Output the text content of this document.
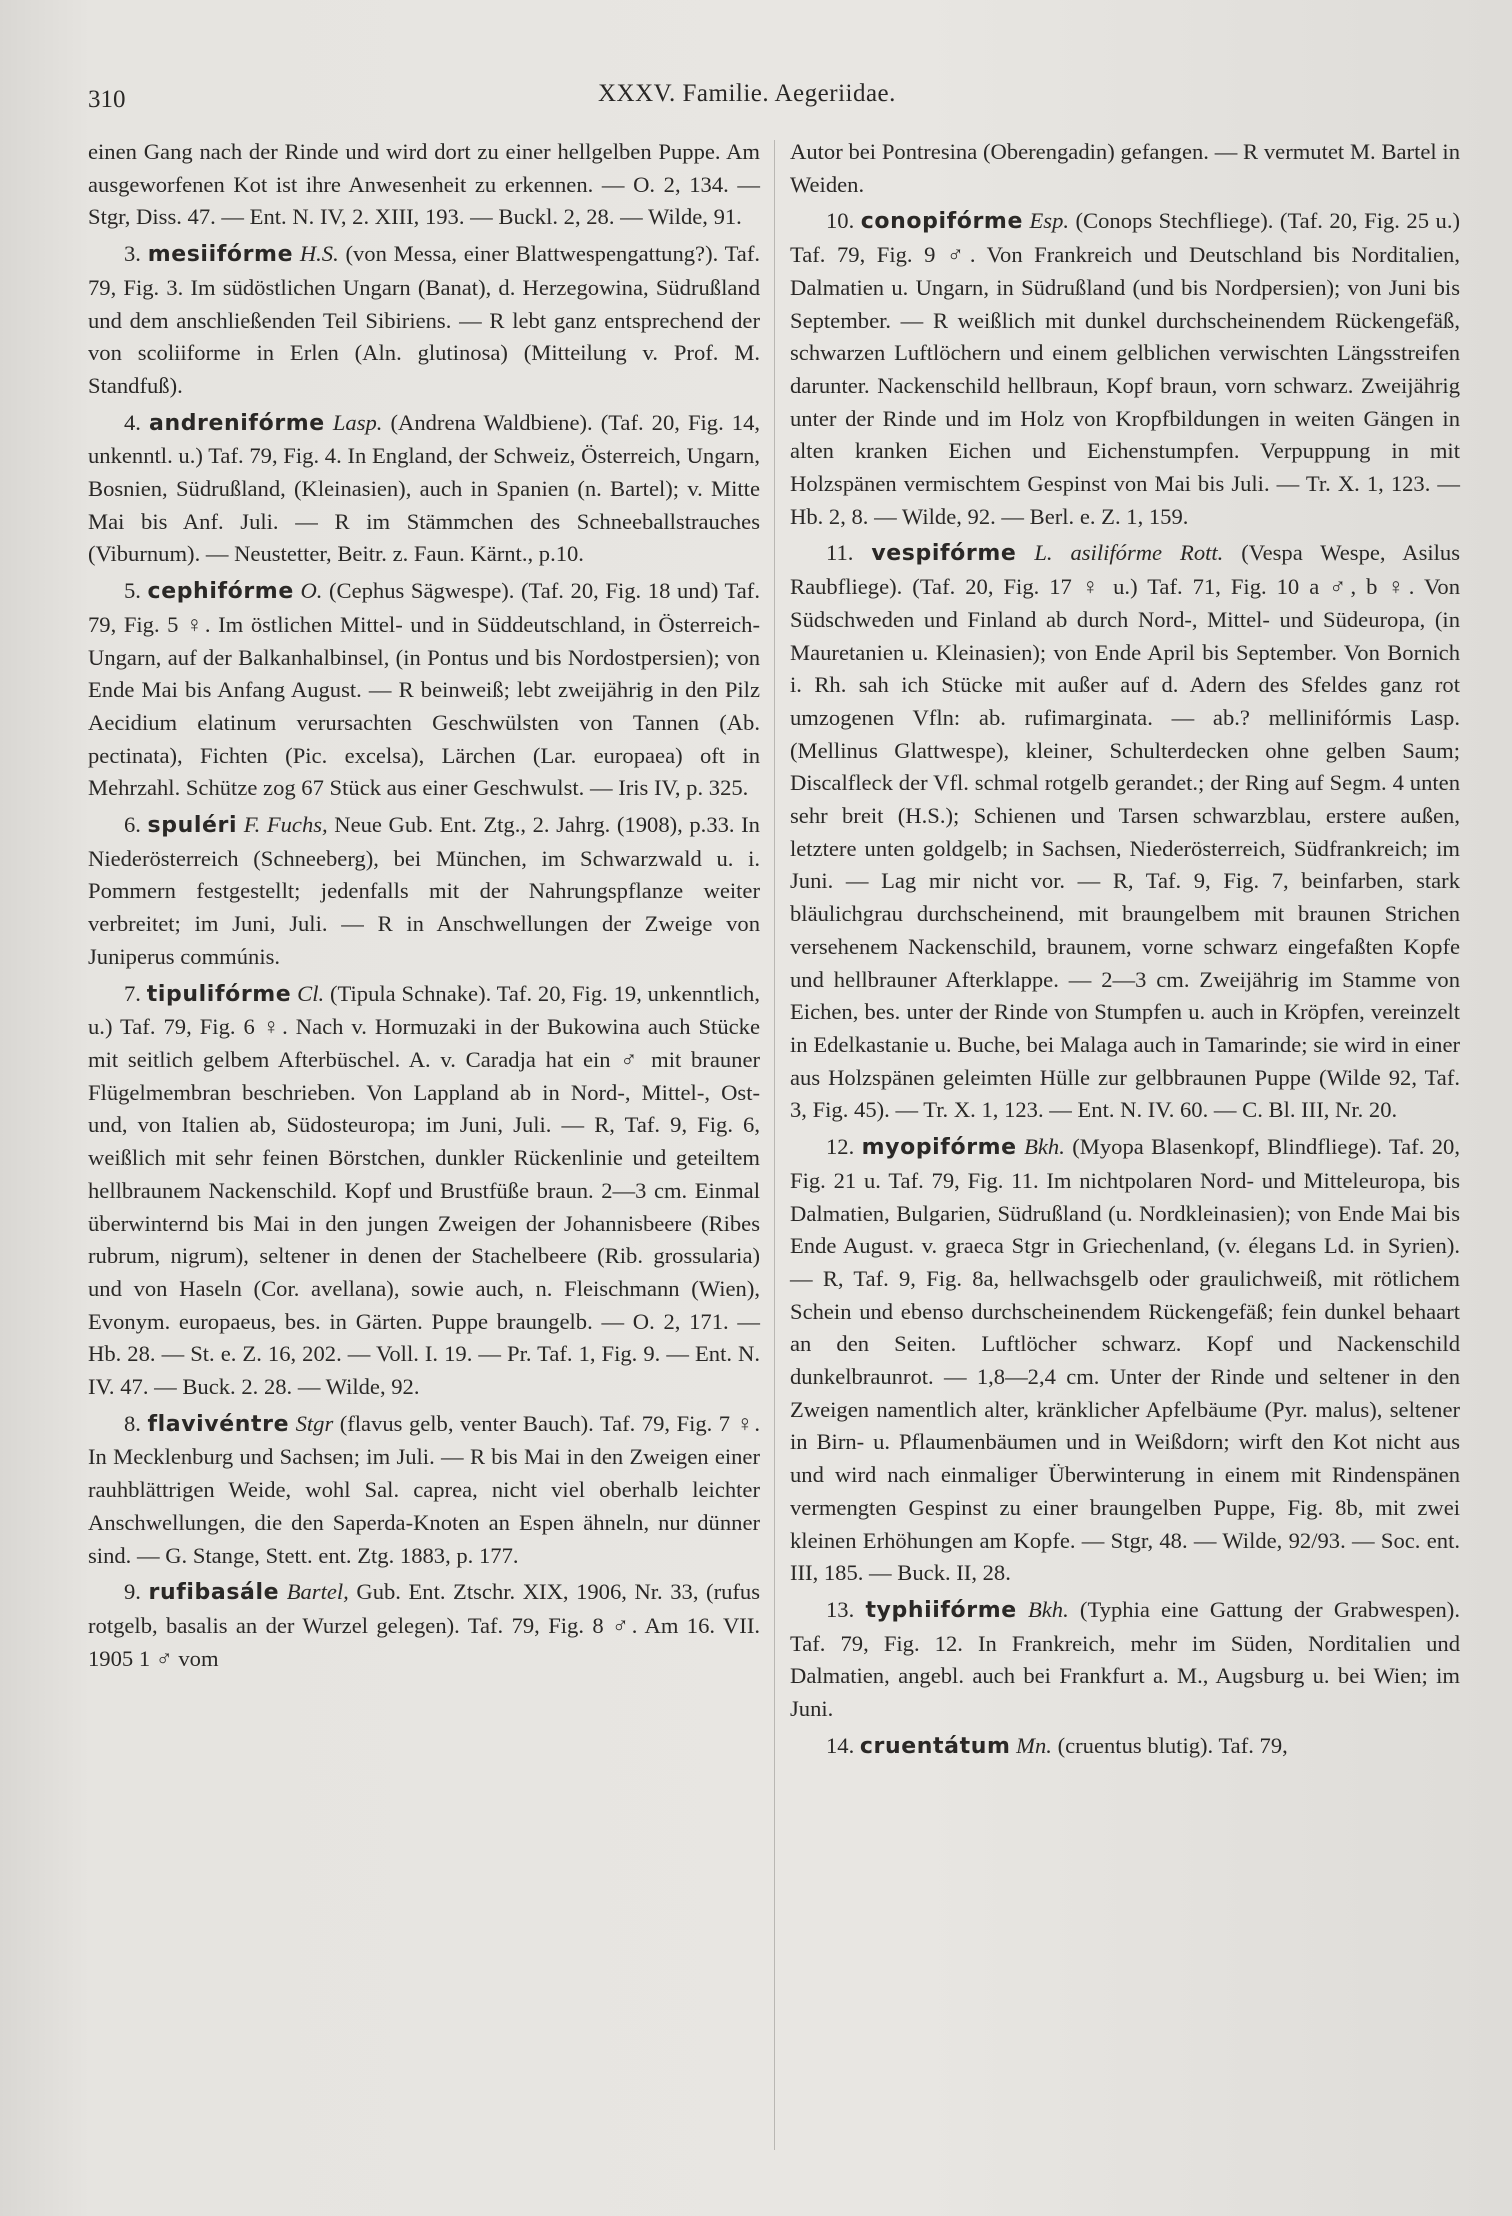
310	XXXV. Familie. Aegeriidae.

einen Gang nach der Rinde und wird dort zu einer hellgelben Puppe. Am ausgeworfenen Kot ist ihre Anwesenheit zu erkennen. — O. 2, 134. — Stgr, Diss. 47. — Ent. N. IV, 2. XIII, 193. — Buckl. 2, 28. — Wilde, 91.

3. mesiifórme H.S. (von Messa, einer Blattwespengattung?). Taf. 79, Fig. 3. Im südöstlichen Ungarn (Banat), d. Herzegowina, Südrußland und dem anschließenden Teil Sibiriens. — R lebt ganz entsprechend der von scoliiforme in Erlen (Aln. glutinosa) (Mitteilung v. Prof. M. Standfuß).

4. andrenifórme Lasp. (Andrena Waldbiene). (Taf. 20, Fig. 14, unkenntl. u.) Taf. 79, Fig. 4. In England, der Schweiz, Österreich, Ungarn, Bosnien, Südrußland, (Kleinasien), auch in Spanien (n. Bartel); v. Mitte Mai bis Anf. Juli. — R im Stämmchen des Schneeballstrauches (Viburnum). — Neustetter, Beitr. z. Faun. Kärnt., p.10.

5. cephifórme O. (Cephus Sägwespe). (Taf. 20, Fig. 18 und) Taf. 79, Fig. 5 ♀. Im östlichen Mittel- und in Süddeutschland, in Österreich-Ungarn, auf der Balkanhalbinsel, (in Pontus und bis Nordostpersien); von Ende Mai bis Anfang August. — R beinweiß; lebt zweijährig in den Pilz Aecidium elatinum verursachten Geschwülsten von Tannen (Ab. pectinata), Fichten (Pic. excelsa), Lärchen (Lar. europaea) oft in Mehrzahl. Schütze zog 67 Stück aus einer Geschwulst. — Iris IV, p. 325.

6. spuléri F. Fuchs, Neue Gub. Ent. Ztg., 2. Jahrg. (1908), p.33. In Niederösterreich (Schneeberg), bei München, im Schwarzwald u. i. Pommern festgestellt; jedenfalls mit der Nahrungspflanze weiter verbreitet; im Juni, Juli. — R in Anschwellungen der Zweige von Juniperus commúnis.

7. tipulifórme Cl. (Tipula Schnake). Taf. 20, Fig. 19, unkenntlich, u.) Taf. 79, Fig. 6 ♀. Nach v. Hormuzaki in der Bukowina auch Stücke mit seitlich gelbem Afterbüschel. A. v. Caradja hat ein ♂ mit brauner Flügelmembran beschrieben. Von Lappland ab in Nord-, Mittel-, Ost- und, von Italien ab, Südosteuropa; im Juni, Juli. — R, Taf. 9, Fig. 6, weißlich mit sehr feinen Börstchen, dunkler Rückenlinie und geteiltem hellbraunem Nackenschild. Kopf und Brustfüße braun. 2—3 cm. Einmal überwinternd bis Mai in den jungen Zweigen der Johannisbeere (Ribes rubrum, nigrum), seltener in denen der Stachelbeere (Rib. grossularia) und von Haseln (Cor. avellana), sowie auch, n. Fleischmann (Wien), Evonym. europaeus, bes. in Gärten. Puppe braungelb. — O. 2, 171. — Hb. 28. — St. e. Z. 16, 202. — Voll. I. 19. — Pr. Taf. 1, Fig. 9. — Ent. N. IV. 47. — Buck. 2. 28. — Wilde, 92.

8. flavivéntre Stgr (flavus gelb, venter Bauch). Taf. 79, Fig. 7 ♀. In Mecklenburg und Sachsen; im Juli. — R bis Mai in den Zweigen einer rauhblättrigen Weide, wohl Sal. caprea, nicht viel oberhalb leichter Anschwellungen, die den Saperda-Knoten an Espen ähneln, nur dünner sind. — G. Stange, Stett. ent. Ztg. 1883, p. 177.

9. rufibasále Bartel, Gub. Ent. Ztschr. XIX, 1906, Nr. 33, (rufus rotgelb, basalis an der Wurzel gelegen). Taf. 79, Fig. 8 ♂. Am 16. VII. 1905 1 ♂ vom

Autor bei Pontresina (Oberengadin) gefangen. — R vermutet M. Bartel in Weiden.

10. conopifórme Esp. (Conops Stechfliege). (Taf. 20, Fig. 25 u.) Taf. 79, Fig. 9 ♂. Von Frankreich und Deutschland bis Norditalien, Dalmatien u. Ungarn, in Südrußland (und bis Nordpersien); von Juni bis September. — R weißlich mit dunkel durchscheinendem Rückengefäß, schwarzen Luftlöchern und einem gelblichen verwischten Längsstreifen darunter. Nackenschild hellbraun, Kopf braun, vorn schwarz. Zweijährig unter der Rinde und im Holz von Kropfbildungen in weiten Gängen in alten kranken Eichen und Eichenstumpfen. Verpuppung in mit Holzspänen vermischtem Gespinst von Mai bis Juli. — Tr. X. 1, 123. — Hb. 2, 8. — Wilde, 92. — Berl. e. Z. 1, 159.

11. vespifórme L. asilifórme Rott. (Vespa Wespe, Asilus Raubfliege). (Taf. 20, Fig. 17 ♀ u.) Taf. 71, Fig. 10 a ♂, b ♀. Von Südschweden und Finland ab durch Nord-, Mittel- und Südeuropa, (in Mauretanien u. Kleinasien); von Ende April bis September. Von Bornich i. Rh. sah ich Stücke mit außer auf d. Adern des Sfeldes ganz rot umzogenen Vfln: ab. rufimarginata. — ab.? mellinifórmis Lasp. (Mellinus Glattwespe), kleiner, Schulterdecken ohne gelben Saum; Discalfleck der Vfl. schmal rotgelb gerandet.; der Ring auf Segm. 4 unten sehr breit (H.S.); Schienen und Tarsen schwarzblau, erstere außen, letztere unten goldgelb; in Sachsen, Niederösterreich, Südfrankreich; im Juni. — Lag mir nicht vor. — R, Taf. 9, Fig. 7, beinfarben, stark bläulichgrau durchscheinend, mit braungelbem mit braunen Strichen versehenem Nackenschild, braunem, vorne schwarz eingefaßten Kopfe und hellbrauner Afterklappe. — 2—3 cm. Zweijährig im Stamme von Eichen, bes. unter der Rinde von Stumpfen u. auch in Kröpfen, vereinzelt in Edelkastanie u. Buche, bei Malaga auch in Tamarinde; sie wird in einer aus Holzspänen geleimten Hülle zur gelbbraunen Puppe (Wilde 92, Taf. 3, Fig. 45). — Tr. X. 1, 123. — Ent. N. IV. 60. — C. Bl. III, Nr. 20.

12. myopifórme Bkh. (Myopa Blasenkopf, Blindfliege). Taf. 20, Fig. 21 u. Taf. 79, Fig. 11. Im nichtpolaren Nord- und Mitteleuropa, bis Dalmatien, Bulgarien, Südrußland (u. Nordkleinasien); von Ende Mai bis Ende August. v. graeca Stgr in Griechenland, (v. élegans Ld. in Syrien). — R, Taf. 9, Fig. 8a, hellwachsgelb oder graulichweiß, mit rötlichem Schein und ebenso durchscheinendem Rückengefäß; fein dunkel behaart an den Seiten. Luftlöcher schwarz. Kopf und Nackenschild dunkelbraunrot. — 1,8—2,4 cm. Unter der Rinde und seltener in den Zweigen namentlich alter, kränklicher Apfelbäume (Pyr. malus), seltener in Birn- u. Pflaumenbäumen und in Weißdorn; wirft den Kot nicht aus und wird nach einmaliger Überwinterung in einem mit Rindenspänen vermengten Gespinst zu einer braungelben Puppe, Fig. 8b, mit zwei kleinen Erhöhungen am Kopfe. — Stgr, 48. — Wilde, 92/93. — Soc. ent. III, 185. — Buck. II, 28.

13. typhiifórme Bkh. (Typhia eine Gattung der Grabwespen). Taf. 79, Fig. 12. In Frankreich, mehr im Süden, Norditalien und Dalmatien, angebl. auch bei Frankfurt a. M., Augsburg u. bei Wien; im Juni.

14. cruentátum Mn. (cruentus blutig). Taf. 79,
